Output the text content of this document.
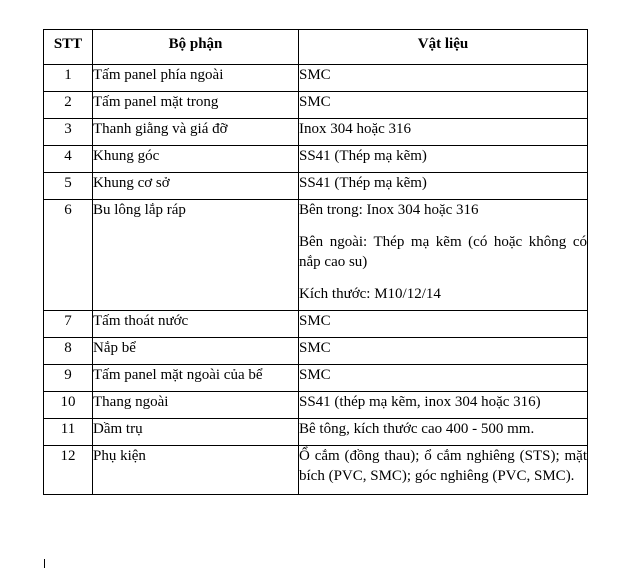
STT	Bộ phận	Vật liệu
1	Tấm panel phía ngoài	SMC

2	Tấm panel mặt trong	SMC

3	Thanh giằng và giá đỡ	Inox 304 hoặc 316

4	Khung góc	SS41 (Thép mạ kẽm)

5	Khung cơ sở	SS41 (Thép mạ kẽm)

6	Bu lông lắp ráp	Bên trong: Inox 304 hoặc 316

Bên ngoài: Thép mạ kẽm (có hoặc không có nắp cao su)

Kích thước: M10/12/14

7	Tấm thoát nước	SMC

8	Nắp bể	SMC

9	Tấm panel mặt ngoài của bể	SMC

10	Thang ngoài	SS41 (thép mạ kẽm, inox 304 hoặc 316)

11	Dầm trụ	Bê tông, kích thước cao 400 - 500 mm.

12	Phụ kiện	Ổ cắm (đồng thau); ổ cắm nghiêng (STS); mặt bích (PVC, SMC); góc nghiêng (PVC, SMC).
